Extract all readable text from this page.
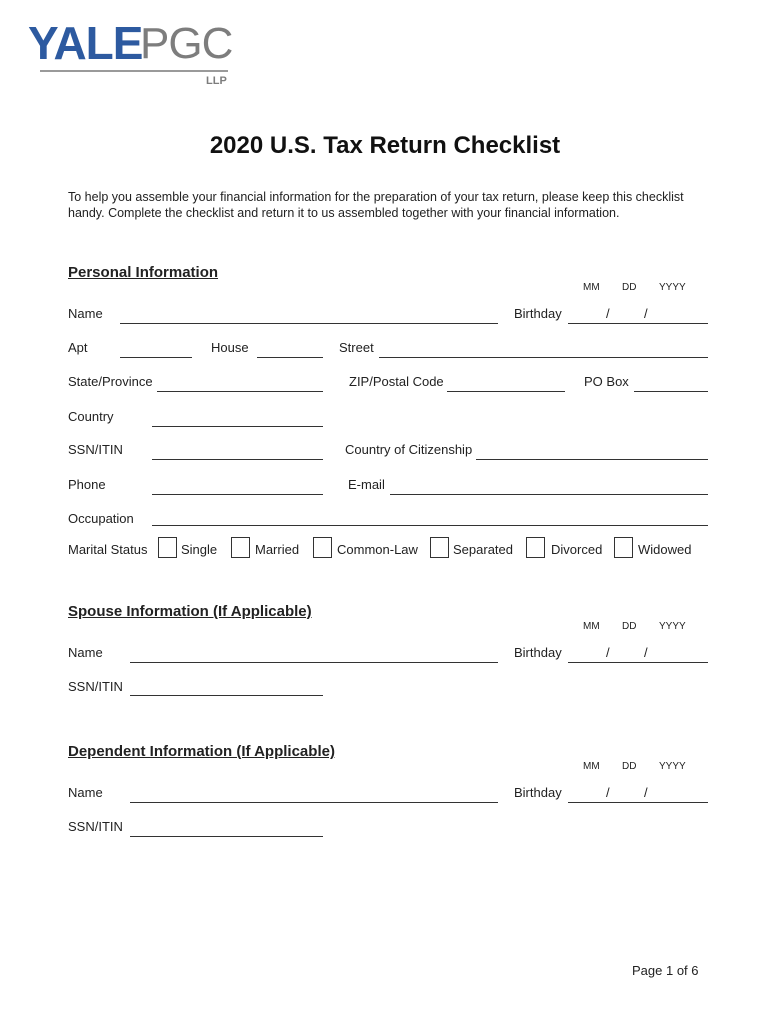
YALE
PGC
LLP
2020 U.S. Tax Return Checklist
To help you assemble your financial information for the preparation of your tax return, please keep this checklist handy. Complete the checklist and return it to us assembled together with your financial information.
Personal Information
MM DD YYYY
Name	Birthday	/	/
Apt	House	Street
State/Province	ZIP/Postal Code	PO Box
Country
SSN/ITIN	Country of Citizenship
Phone	E-mail
Occupation
Marital Status	Single	Married	Common-Law	Separated	Divorced	Widowed
Spouse Information (If Applicable)
MM DD YYYY
Name	Birthday	/	/
SSN/ITIN
Dependent Information (If Applicable)
MM DD YYYY
Name	Birthday	/	/
SSN/ITIN
Page 1 of 6
